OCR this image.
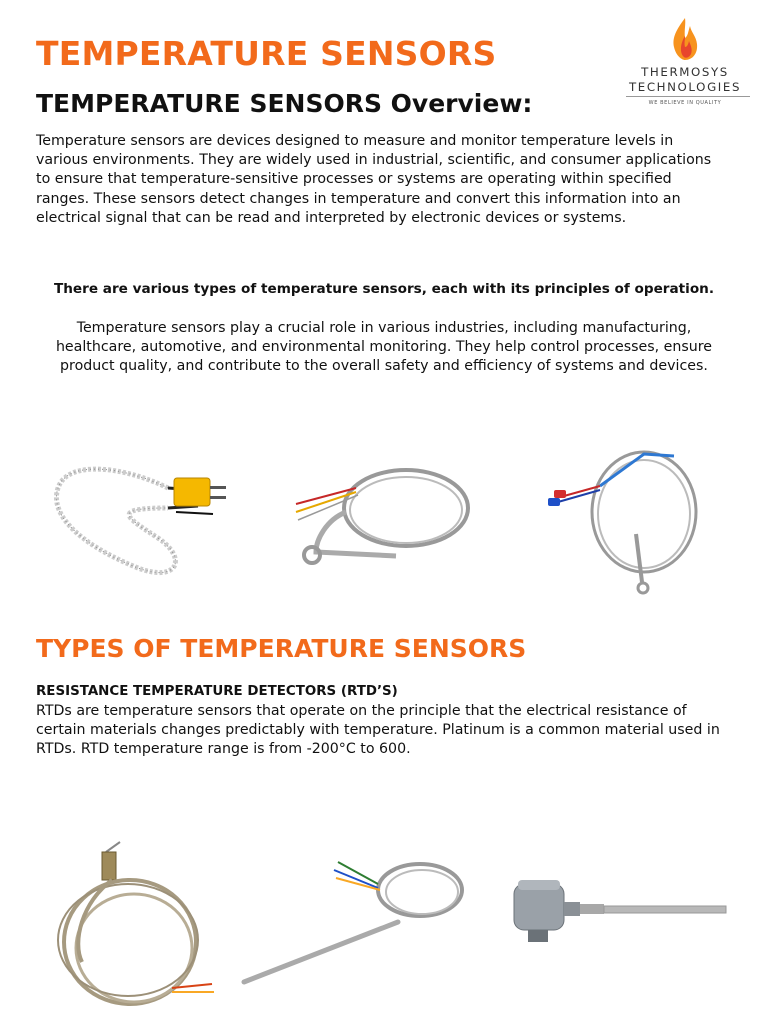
TEMPERATURE SENSORS
TEMPERATURE SENSORS Overview:
Temperature sensors are devices designed to measure and monitor temperature levels in
various environments. They are widely used in industrial, scientific, and consumer applications
to ensure that temperature-sensitive processes or systems are operating within specified
ranges. These sensors detect changes in temperature and convert this information into an
electrical signal that can be read and interpreted by electronic devices or systems.
There are various types of temperature sensors, each with its principles of operation.
Temperature sensors play a crucial role in various industries, including manufacturing,
healthcare, automotive, and environmental monitoring. They help control processes, ensure
product quality, and contribute to the overall safety and efficiency of systems and devices.
THERMOSYS
TECHNOLOGIES
WE BELIEVE IN QUALITY
TYPES OF TEMPERATURE SENSORS
RESISTANCE TEMPERATURE DETECTORS (RTD’S)
RTDs are temperature sensors that operate on the principle that the electrical resistance of
certain materials changes predictably with temperature. Platinum is a common material used in
RTDs. RTD temperature range is from -200°C to 600.
